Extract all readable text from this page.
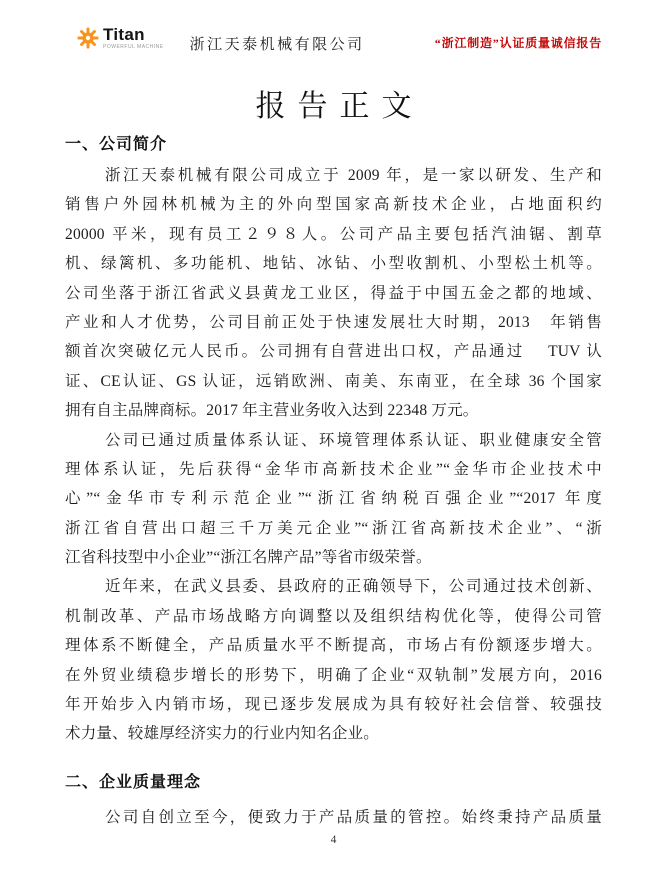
Titan
POWERFUL MACHINE 浙江天泰机械有限公司	“浙江制造”认证质量诚信报告
报告正文
一、公司简介
浙江天泰机械有限公司成立于 2009 年，是一家以研发、生产和
销售户外园林机械为主的外向型国家高新技术企业，占地面积约
20000 平米，现有员工２９８人。公司产品主要包括汽油锯、割草
机、绿篱机、多功能机、地钻、冰钻、小型收割机、小型松土机等。
公司坐落于浙江省武义县黄龙工业区，得益于中国五金之都的地域、
产业和人才优势，公司目前正处于快速发展壮大时期，2013　年销售
额首次突破亿元人民币。公司拥有自营进出口权，产品通过　 TUV 认
证、CE认证、GS 认证，远销欧洲、南美、东南亚，在全球 36 个国家
拥有自主品牌商标。2017 年主营业务收入达到 22348 万元。
公司已通过质量体系认证、环境管理体系认证、职业健康安全管
理体系认证，先后获得“金华市高新技术企业”“金华市企业技术中
心”“金华市专利示范企业”“浙江省纳税百强企业”“2017 年度
浙江省自营出口超三千万美元企业”“浙江省高新技术企业”、“浙
江省科技型中小企业”“浙江名牌产品”等省市级荣誉。
近年来，在武义县委、县政府的正确领导下，公司通过技术创新、
机制改革、产品市场战略方向调整以及组织结构优化等，使得公司管
理体系不断健全，产品质量水平不断提高，市场占有份额逐步增大。
在外贸业绩稳步增长的形势下，明确了企业“双轨制”发展方向，2016
年开始步入内销市场，现已逐步发展成为具有较好社会信誉、较强技
术力量、较雄厚经济实力的行业内知名企业。
二、企业质量理念
公司自创立至今，便致力于产品质量的管控。始终秉持产品质量
4
